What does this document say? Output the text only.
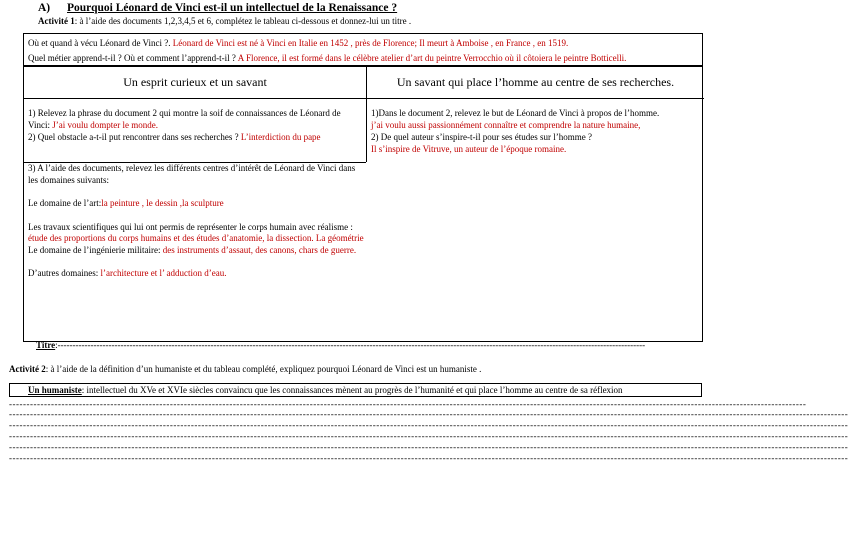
A) Pourquoi Léonard de Vinci est-il un intellectuel de la Renaissance ?
Activité 1: à l’aide des documents 1,2,3,4,5 et 6, complétez le tableau ci-dessous et donnez-lui un titre .
Où et quand à vécu Léonard de Vinci ?. Léonard de Vinci est né à Vinci en Italie en 1452 , près de Florence; Il meurt à Amboise , en France , en 1519.
Quel métier apprend-t-il ? Où et comment l’apprend-t-il ? A Florence, il est formé dans le célèbre atelier d’art du peintre Verrocchio où il côtoiera le peintre Botticelli.
Un esprit curieux et un savant	Un savant qui place l’homme au centre de ses recherches.
1) Relevez la phrase du document 2 qui montre la soif de connaissances de Léonard de Vinci: J’ai voulu dompter le monde.
2) Quel obstacle a-t-il put rencontrer dans ses recherches ? L’interdiction du pape
1)Dans le document 2, relevez le but de Léonard de Vinci à propos de l’homme.
j’ai voulu aussi passionnément connaître et comprendre la nature humaine,
2) De quel auteur s’inspire-t-il pour ses études sur l’homme ?
Il s’inspire de Vitruve, un auteur de l’époque romaine.

3) A l’aide des documents, relevez les différents centres d’intérêt de Léonard de Vinci dans les domaines suivants:

Le domaine de l’art:la peinture , le dessin ,la sculpture

Les travaux scientifiques qui lui ont permis de représenter le corps humain avec réalisme : étude des proportions du corps humains et des études d’anatomie, la dissection. La géométrie

Le domaine de l’ingénierie militaire: des instruments d’assaut, des canons, chars de guerre.

D’autres domaines: l’architecture et l’ adduction d’eau.

Titre:----------------------------------------------------------------------------------------------------------------------------------------------------------------------------------------------------
Activité 2: à l’aide de la définition d’un humaniste et du tableau complété, expliquez pourquoi Léonard de Vinci est un humaniste .
Un humaniste: intellectuel du XVe et XVIe siècles convaincu que les connaissances mènent au progrès de l’humanité et qui place l’homme au centre de sa réflexion
------------------------------------------------------------------------------------------------------------------------------------------------------------------------------------------------------------------------------------
------------------------------------------------------------------------------------------------------------------------------------------------------------------------------------------------------------------------------------------------
------------------------------------------------------------------------------------------------------------------------------------------------------------------------------------------------------------------------------------------------
------------------------------------------------------------------------------------------------------------------------------------------------------------------------------------------------------------------------------------------------
------------------------------------------------------------------------------------------------------------------------------------------------------------------------------------------------------------------------------------------------
------------------------------------------------------------------------------------------------------------------------------------------------------------------------------------------------------------------------------------------------
